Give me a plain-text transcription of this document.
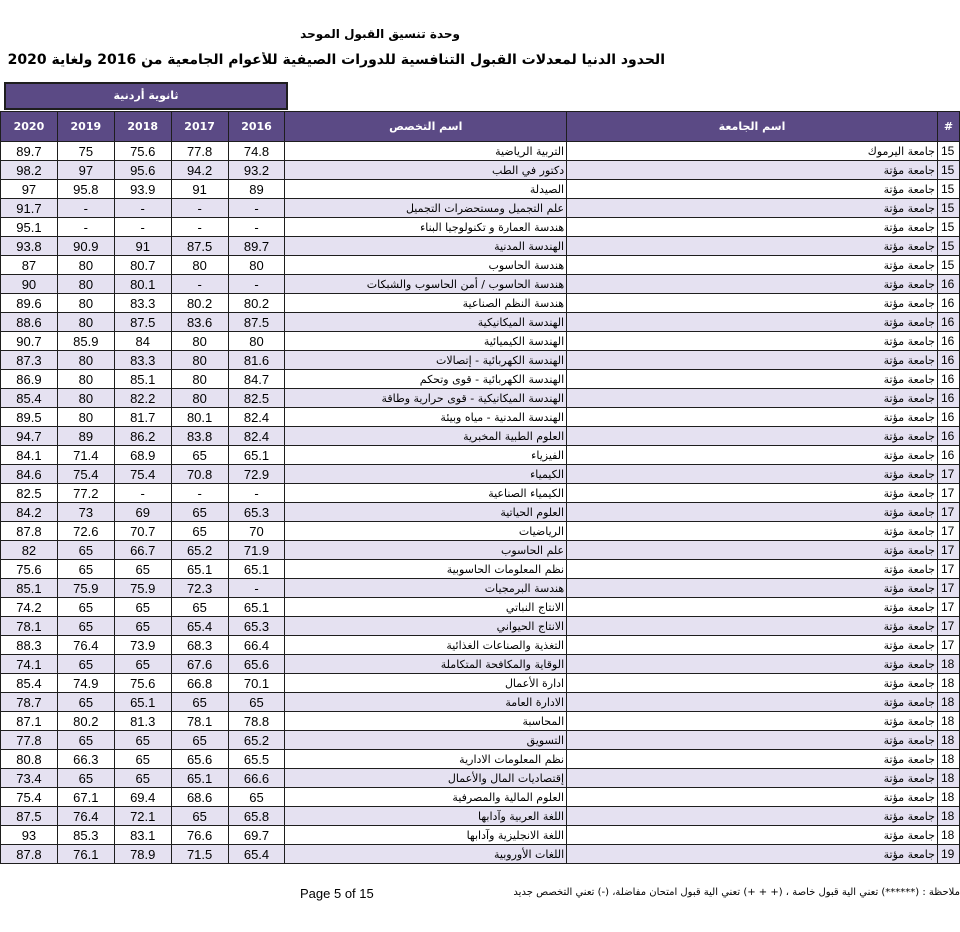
وحدة تنسيق القبول الموحد
الحدود الدنيا لمعدلات القبول التنافسية للدورات الصيفية للأعوام الجامعية من 2016 ولغاية 2020
ثانوية أردنية
2020	2019	2018	2017	2016	اسم التخصص	اسم الجامعة	#
89.7	75	75.6	77.8	74.8	التربية الرياضية	جامعة اليرموك	15
98.2	97	95.6	94.2	93.2	دكتور في الطب	جامعة مؤتة	15
97	95.8	93.9	91	89	الصيدلة	جامعة مؤتة	15
91.7	-	-	-	-	علم التجميل ومستحضرات التجميل	جامعة مؤتة	15
95.1	-	-	-	-	هندسة العمارة و تكنولوجيا البناء	جامعة مؤتة	15
93.8	90.9	91	87.5	89.7	الهندسة المدنية	جامعة مؤتة	15
87	80	80.7	80	80	هندسة الحاسوب	جامعة مؤتة	15
90	80	80.1	-	-	هندسة الحاسوب / أمن الحاسوب والشبكات	جامعة مؤتة	16
89.6	80	83.3	80.2	80.2	هندسة النظم الصناعية	جامعة مؤتة	16
88.6	80	87.5	83.6	87.5	الهندسة الميكانيكية	جامعة مؤتة	16
90.7	85.9	84	80	80	الهندسة الكيميائية	جامعة مؤتة	16
87.3	80	83.3	80	81.6	الهندسة الكهربائية - إتصالات	جامعة مؤتة	16
86.9	80	85.1	80	84.7	الهندسة الكهربائية - قوى وتحكم	جامعة مؤتة	16
85.4	80	82.2	80	82.5	الهندسة الميكانيكية - قوى حرارية وطاقة	جامعة مؤتة	16
89.5	80	81.7	80.1	82.4	الهندسة المدنية - مياه وبيئة	جامعة مؤتة	16
94.7	89	86.2	83.8	82.4	العلوم الطبية المخبرية	جامعة مؤتة	16
84.1	71.4	68.9	65	65.1	الفيزياء	جامعة مؤتة	16
84.6	75.4	75.4	70.8	72.9	الكيمياء	جامعة مؤتة	17
82.5	77.2	-	-	-	الكيمياء الصناعية	جامعة مؤتة	17
84.2	73	69	65	65.3	العلوم الحياتية	جامعة مؤتة	17
87.8	72.6	70.7	65	70	الرياضيات	جامعة مؤتة	17
82	65	66.7	65.2	71.9	علم الحاسوب	جامعة مؤتة	17
75.6	65	65	65.1	65.1	نظم المعلومات الحاسوبية	جامعة مؤتة	17
85.1	75.9	75.9	72.3	-	هندسة البرمجيات	جامعة مؤتة	17
74.2	65	65	65	65.1	الانتاج النباتي	جامعة مؤتة	17
78.1	65	65	65.4	65.3	الانتاج الحيواني	جامعة مؤتة	17
88.3	76.4	73.9	68.3	66.4	التغذية والصناعات الغذائية	جامعة مؤتة	17
74.1	65	65	67.6	65.6	الوقاية والمكافحة المتكاملة	جامعة مؤتة	18
85.4	74.9	75.6	66.8	70.1	ادارة الأعمال	جامعة مؤتة	18
78.7	65	65.1	65	65	الادارة العامة	جامعة مؤتة	18
87.1	80.2	81.3	78.1	78.8	المحاسبة	جامعة مؤتة	18
77.8	65	65	65	65.2	التسويق	جامعة مؤتة	18
80.8	66.3	65	65.6	65.5	نظم المعلومات الادارية	جامعة مؤتة	18
73.4	65	65	65.1	66.6	إقتصاديات المال والأعمال	جامعة مؤتة	18
75.4	67.1	69.4	68.6	65	العلوم المالية والمصرفية	جامعة مؤتة	18
87.5	76.4	72.1	65	65.8	اللغة العربية وآدابها	جامعة مؤتة	18
93	85.3	83.1	76.6	69.7	اللغة الانجليزية وآدابها	جامعة مؤتة	18
87.8	76.1	78.9	71.5	65.4	اللغات الأوروبية	جامعة مؤتة	19
Page 5 of 15	ملاحظة : (******) تعني الية قبول خاصة ، (+ + +) تعني الية قبول امتحان مفاضلة، (-) تعني التخصص جديد
